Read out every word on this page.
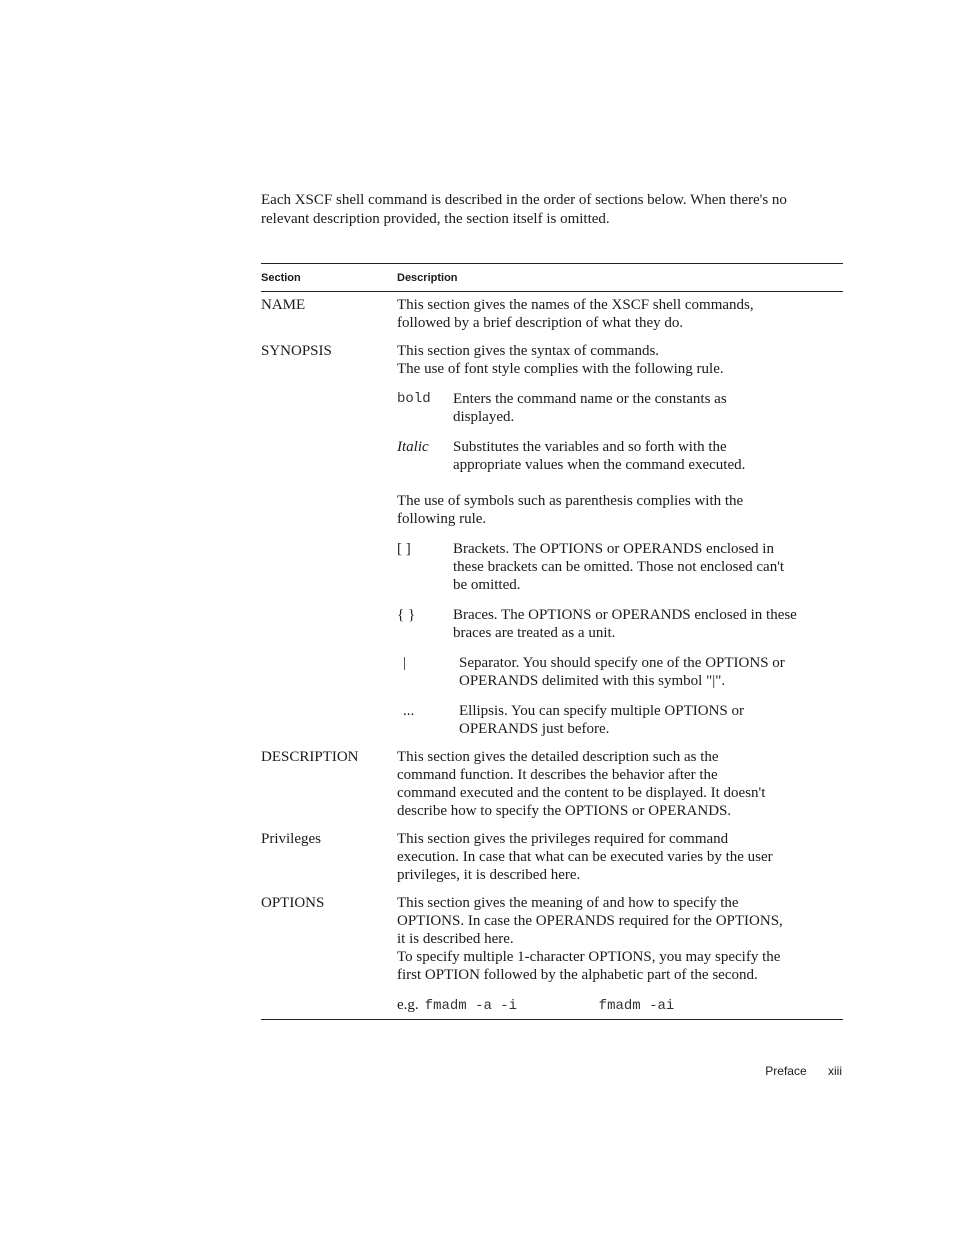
Each XSCF shell command is described in the order of sections below. When there's no
relevant description provided, the section itself is omitted.
Section	Description
NAME	This section gives the names of the XSCF shell commands,
followed by a brief description of what they do.
SYNOPSIS	This section gives the syntax of commands.
The use of font style complies with the following rule.
bold	Enters the command name or the constants as
displayed.
Italic	Substitutes the variables and so forth with the
appropriate values when the command executed.
The use of symbols such as parenthesis complies with the
following rule.
[ ]	Brackets. The OPTIONS or OPERANDS enclosed in
these brackets can be omitted. Those not enclosed can't
be omitted.
{ }	Braces. The OPTIONS or OPERANDS enclosed in these
braces are treated as a unit.
|	Separator. You should specify one of the OPTIONS or
OPERANDS delimited with this symbol "|".
...	Ellipsis. You can specify multiple OPTIONS or
OPERANDS just before.
DESCRIPTION	This section gives the detailed description such as the
command function. It describes the behavior after the
command executed and the content to be displayed. It doesn't
describe how to specify the OPTIONS or OPERANDS.
Privileges	This section gives the privileges required for command
execution. In case that what can be executed varies by the user
privileges, it is described here.
OPTIONS	This section gives the meaning of and how to specify the
OPTIONS. In case the OPERANDS required for the OPTIONS,
it is described here.
To specify multiple 1-character OPTIONS, you may specify the
first OPTION followed by the alphabetic part of the second.
e.g. fmadm -a -i	fmadm -ai
Preface xiii
